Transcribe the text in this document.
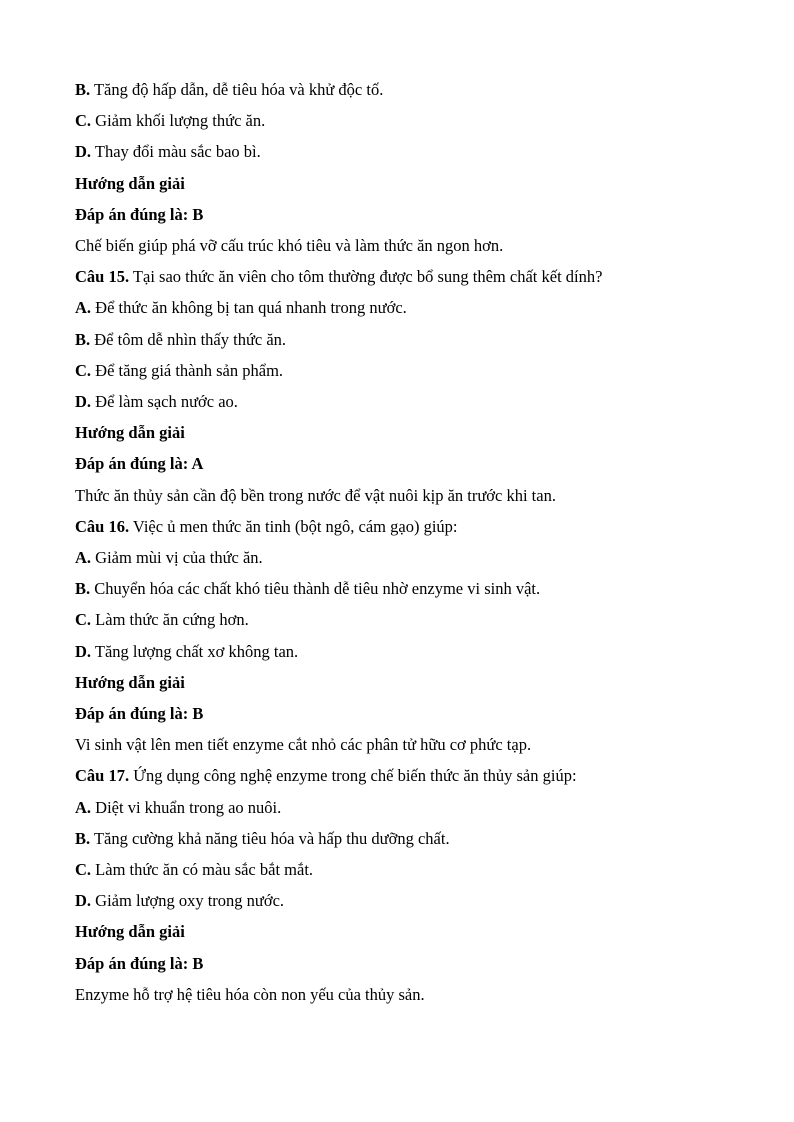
B. Tăng độ hấp dẫn, dễ tiêu hóa và khử độc tố.
C. Giảm khối lượng thức ăn.
D. Thay đổi màu sắc bao bì.
Hướng dẫn giải
Đáp án đúng là: B
Chế biến giúp phá vỡ cấu trúc khó tiêu và làm thức ăn ngon hơn.
Câu 15. Tại sao thức ăn viên cho tôm thường được bổ sung thêm chất kết dính?
A. Để thức ăn không bị tan quá nhanh trong nước.
B. Để tôm dễ nhìn thấy thức ăn.
C. Để tăng giá thành sản phẩm.
D. Để làm sạch nước ao.
Hướng dẫn giải
Đáp án đúng là: A
Thức ăn thủy sản cần độ bền trong nước để vật nuôi kịp ăn trước khi tan.
Câu 16. Việc ủ men thức ăn tinh (bột ngô, cám gạo) giúp:
A. Giảm mùi vị của thức ăn.
B. Chuyển hóa các chất khó tiêu thành dễ tiêu nhờ enzyme vi sinh vật.
C. Làm thức ăn cứng hơn.
D. Tăng lượng chất xơ không tan.
Hướng dẫn giải
Đáp án đúng là: B
Vi sinh vật lên men tiết enzyme cắt nhỏ các phân tử hữu cơ phức tạp.
Câu 17. Ứng dụng công nghệ enzyme trong chế biến thức ăn thủy sản giúp:
A. Diệt vi khuẩn trong ao nuôi.
B. Tăng cường khả năng tiêu hóa và hấp thu dưỡng chất.
C. Làm thức ăn có màu sắc bắt mắt.
D. Giảm lượng oxy trong nước.
Hướng dẫn giải
Đáp án đúng là: B
Enzyme hỗ trợ hệ tiêu hóa còn non yếu của thủy sản.
